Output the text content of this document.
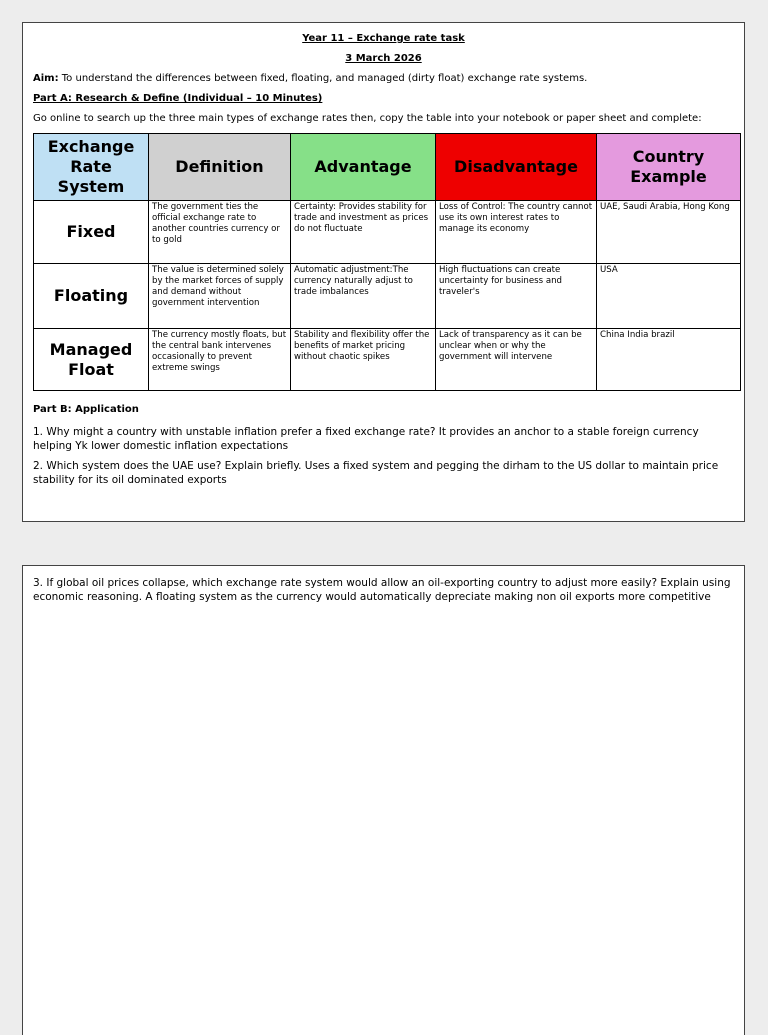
Year 11 – Exchange rate task
3 March 2026
Aim: To understand the differences between fixed, floating, and managed (dirty float) exchange rate systems.
Part A: Research & Define (Individual – 10 Minutes)
Go online to search up the three main types of exchange rates then, copy the table into your notebook or paper sheet and complete:
Exchange Rate System	Definition	Advantage	Disadvantage	Country Example
Fixed	The government ties the official exchange rate to another countries currency or to gold	Certainty: Provides stability for trade and investment as prices do not fluctuate	Loss of Control: The country cannot use its own interest rates to manage its economy	UAE, Saudi Arabia, Hong Kong
Floating	The value is determined solely by the market forces of supply and demand without government intervention	Automatic adjustment:The currency naturally adjust to trade imbalances	High fluctuations can create uncertainty for business and traveler's	USA
Managed Float	The currency mostly floats, but the central bank intervenes occasionally to prevent extreme swings	Stability and flexibility offer the benefits of market pricing without chaotic spikes	Lack of transparency as it can be unclear when or why the government will intervene	China India brazil
Part B: Application
1. Why might a country with unstable inflation prefer a fixed exchange rate? It provides an anchor to a stable foreign currency helping Yk lower domestic inflation expectations
2. Which system does the UAE use? Explain briefly. Uses a fixed system and pegging the dirham to the US dollar to maintain price stability for its oil dominated exports
3. If global oil prices collapse, which exchange rate system would allow an oil-exporting country to adjust more easily? Explain using economic reasoning. A floating system as the currency would automatically depreciate making non oil exports more competitive
